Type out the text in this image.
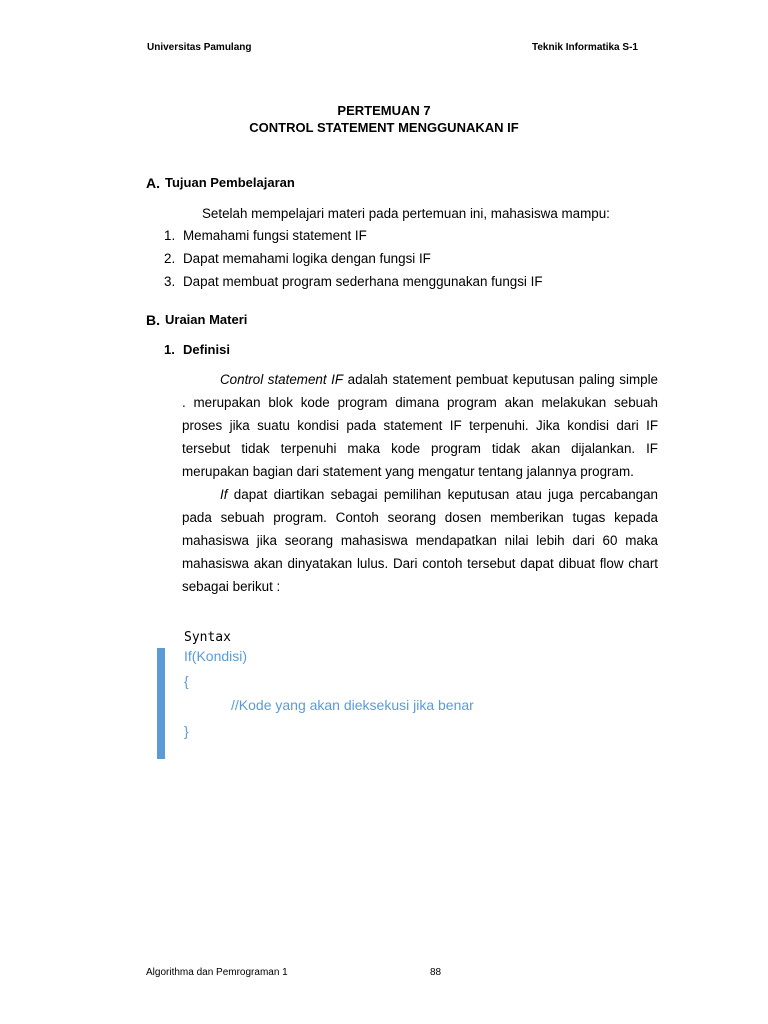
Universitas Pamulang	Teknik Informatika S-1
PERTEMUAN 7
CONTROL STATEMENT MENGGUNAKAN IF
A. Tujuan Pembelajaran
Setelah mempelajari materi pada pertemuan ini, mahasiswa mampu:
1. Memahami fungsi statement IF
2. Dapat memahami logika dengan fungsi IF
3. Dapat membuat program sederhana menggunakan fungsi IF
B. Uraian Materi
1. Definisi

Control statement IF adalah statement pembuat keputusan paling simple . merupakan blok kode program dimana program akan melakukan sebuah proses jika suatu kondisi pada statement IF terpenuhi. Jika kondisi dari IF tersebut tidak terpenuhi maka kode program tidak akan dijalankan. IF merupakan bagian dari statement yang mengatur tentang jalannya program.

If dapat diartikan sebagai pemilihan keputusan atau juga percabangan pada sebuah program. Contoh seorang dosen memberikan tugas kepada mahasiswa jika seorang mahasiswa mendapatkan nilai lebih dari 60 maka mahasiswa akan dinyatakan lulus. Dari contoh tersebut dapat dibuat flow chart sebagai berikut :

Syntax
If(Kondisi)
{
//Kode yang akan dieksekusi jika benar
}
Algorithma dan Pemrograman 1	88
